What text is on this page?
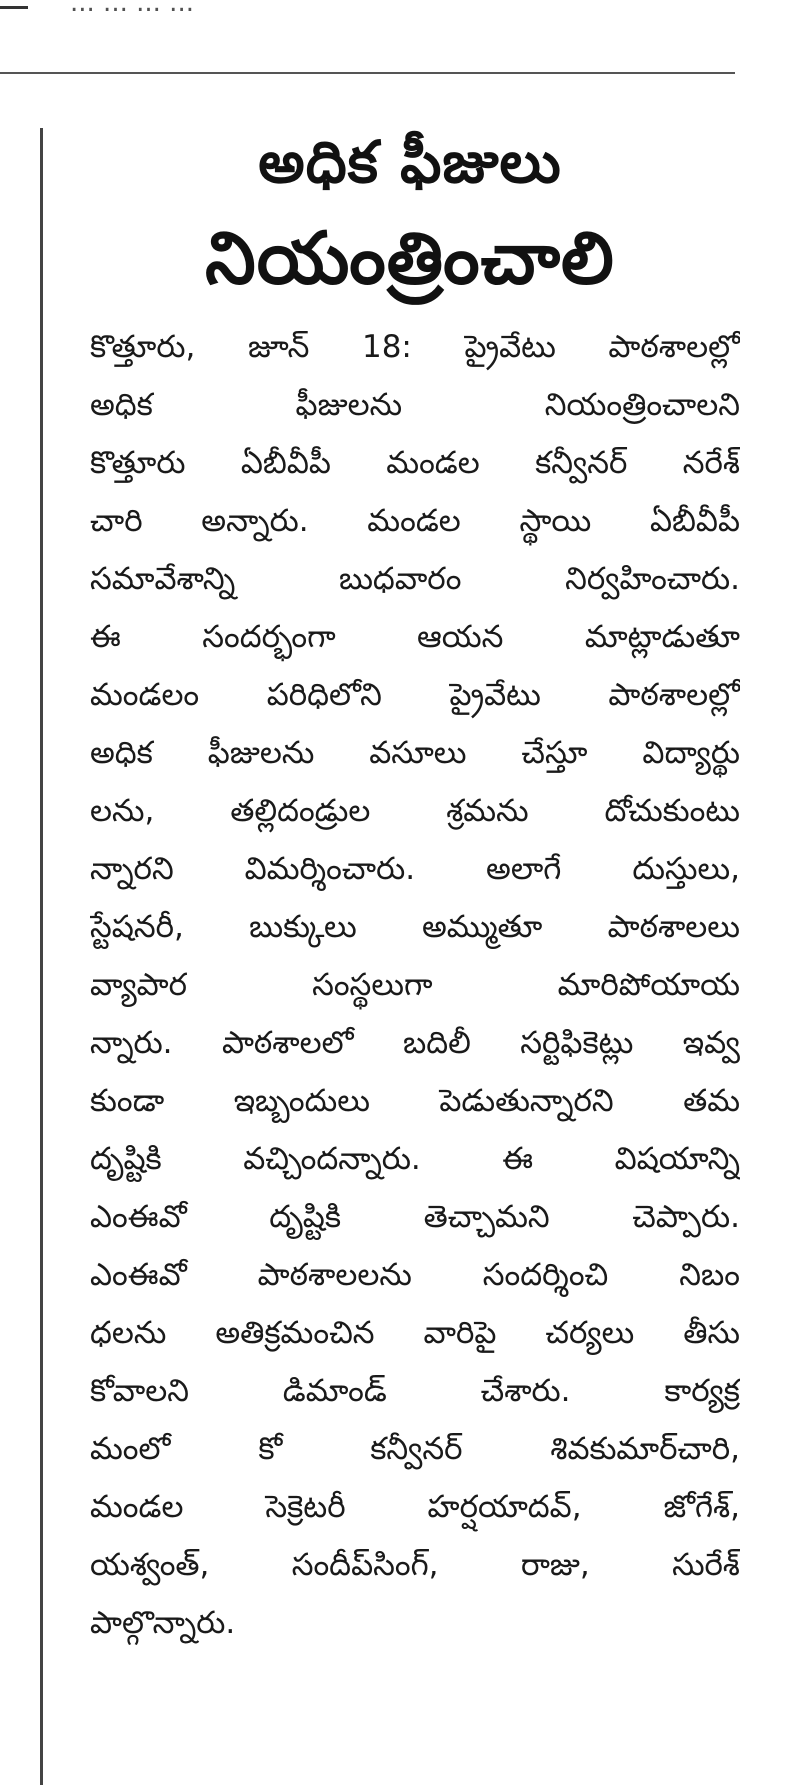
... ... ... ...
అధిక ఫీజులు
నియంత్రించాలి
కొత్తూరు, జూన్ 18: ప్రైవేటు పాఠశాలల్లో
అధిక ఫీజులను నియంత్రించాలని
కొత్తూరు ఏబీవీపీ మండల కన్వీనర్ నరేశ్
చారి అన్నారు. మండల స్థాయి ఏబీవీపీ
సమావేశాన్ని బుధవారం నిర్వహించారు.
ఈ సందర్భంగా ఆయన మాట్లాడుతూ
మండలం పరిధిలోని ప్రైవేటు పాఠశాలల్లో
అధిక ఫీజులను వసూలు చేస్తూ విద్యార్థు
లను, తల్లిదండ్రుల శ్రమను దోచుకుంటు
న్నారని విమర్శించారు. అలాగే దుస్తులు,
స్టేషనరీ, బుక్కులు అమ్ముతూ పాఠశాలలు
వ్యాపార సంస్థలుగా మారిపోయాయ
న్నారు. పాఠశాలలో బదిలీ సర్టిఫికెట్లు ఇవ్వ
కుండా ఇబ్బందులు పెడుతున్నారని తమ
దృష్టికి వచ్చిందన్నారు. ఈ విషయాన్ని
ఎంఈవో దృష్టికి తెచ్చామని చెప్పారు.
ఎంఈవో పాఠశాలలను సందర్శించి నిబం
ధలను అతిక్రమంచిన వారిపై చర్యలు తీసు
కోవాలని డిమాండ్ చేశారు. కార్యక్ర
మంలో కో కన్వీనర్ శివకుమార్‌చారి,
మండల సెక్రెటరీ హర్షయాదవ్, జోగేశ్,
యశ్వంత్, సందీప్‌సింగ్, రాజు, సురేశ్
పాల్గొన్నారు.
